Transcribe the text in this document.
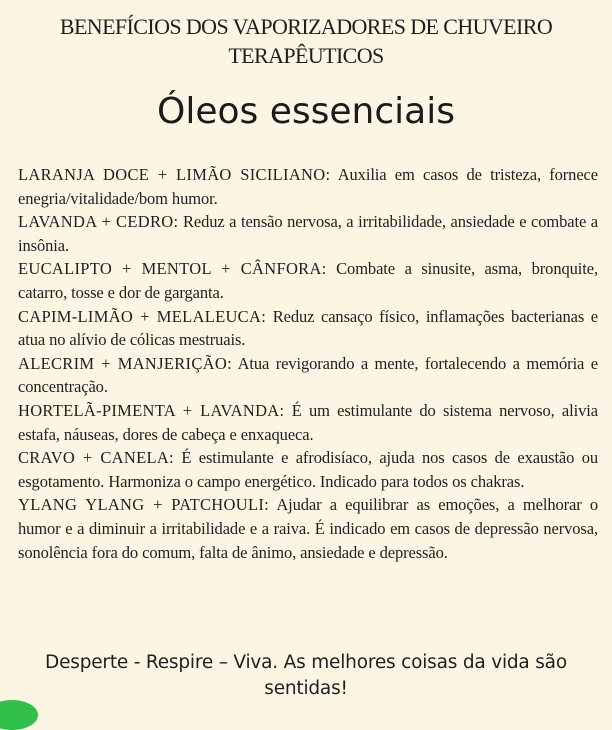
BENEFÍCIOS DOS VAPORIZADORES DE CHUVEIRO TERAPÊUTICOS
Óleos essenciais
LARANJA DOCE + LIMÃO SICILIANO: Auxilia em casos de tristeza, fornece enegria/vitalidade/bom humor.
LAVANDA + CEDRO: Reduz a tensão nervosa, a irritabilidade, ansiedade e combate a insônia.
EUCALIPTO + MENTOL + CÂNFORA: Combate a sinusite, asma, bronquite, catarro, tosse e dor de garganta.
CAPIM-LIMÃO + MELALEUCA: Reduz cansaço físico, inflamações bacterianas e atua no alívio de cólicas mestruais.
ALECRIM + MANJERIÇÃO: Atua revigorando a mente, fortalecendo a memória e concentração.
HORTELÃ-PIMENTA + LAVANDA: É um estimulante do sistema nervoso, alivia estafa, náuseas, dores de cabeça e enxaqueca.
CRAVO + CANELA: É estimulante e afrodisíaco, ajuda nos casos de exaustão ou esgotamento. Harmoniza o campo energético. Indicado para todos os chakras.
YLANG YLANG + PATCHOULI: Ajudar a equilibrar as emoções, a melhorar o humor e a diminuir a irritabilidade e a raiva. É indicado em casos de depressão nervosa, sonolência fora do comum, falta de ânimo, ansiedade e depressão.

Desperte - Respire – Viva. As melhores coisas da vida são sentidas!
